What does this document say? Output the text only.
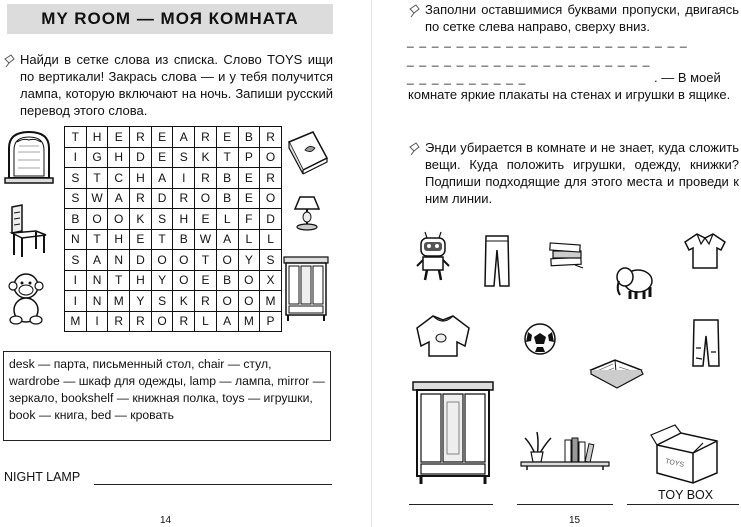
MY ROOM — МОЯ КОМНАТА
Найди в сетке слова из списка. Слово TOYS ищи по вертикали! Закрась слова — и у тебя получится лампа, которую включают на ночь. Запиши русский перевод этого слова.
T	H	E	R	E	A	R	E	B	R
I	G	H	D	E	S	K	T	P	O
S	T	C	H	A	I	R	B	E	R
S	W	A	R	D	R	O	B	E	O
B	O	O	K	S	H	E	L	F	D
N	T	H	E	T	B	W	A	L	L
S	A	N	D	O	O	T	O	Y	S
I	N	T	H	Y	O	E	B	O	X
I	N	M	Y	S	K	R	O	O	M
M	I	R	R	O	R	L	A	M	P
desk — парта, письменный стол, chair — стул, wardrobe — шкаф для одежды, lamp — лампа, mirror — зеркало, bookshelf — книжная полка, toys — игрушки, book — книга, bed — кровать
NIGHT LAMP
14
Заполни оставшимися буквами пропуски, двигаясь по сетке слева направо, сверху вниз.
_ _ _ _ _ _ _ _ _ _ _ _ _ _ _ _ _ _ _ _ _ _ _
_ _ _ _ _ _ _ _ _ _ _ _ _ _ _ _ _ _ _ _
_ _ _ _ _ _ _ _ _ _	. — В моей
комнате яркие плакаты на стенах и игрушки в ящике.
Энди убирается в комнате и не знает, куда сложить вещи. Куда положить игрушки, одежду, книжки? Подпиши подходящие для этого места и проведи к ним линии.
TOYS
TOY BOX
15
